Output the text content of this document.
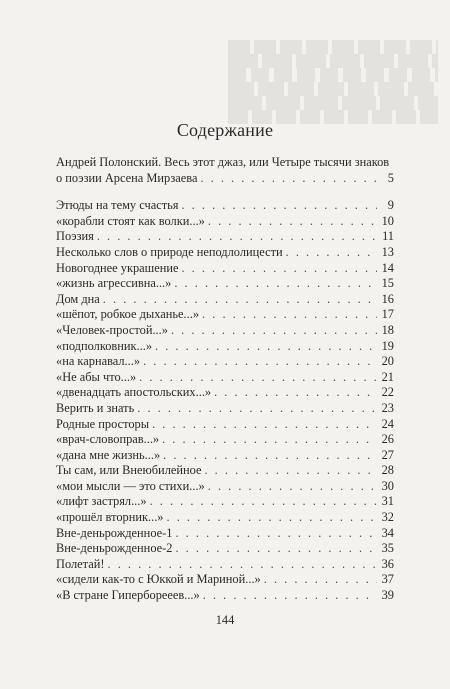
Содержание
Андрей Полонский. Весь этот джаз, или Четыре тысячи знаков
о поэзии Арсена Мирзаева . . .	5
Этюды на тему счастья . . .	9
«корабли стоят как волки...» . . .	10
Поэзия . . .	11
Несколько слов о природе неподлолицести . . .	13
Новогоднее украшение . . .	14
«жизнь агрессивна...» . . .	15
Дом дна . . .	16
«шёпот, робкое дыханье...» . . .	17
«Человек-простой...» . . .	18
«подполковник...» . . .	19
«на карнавал...» . . .	20
«Не абы что...» . . .	21
«двенадцать апостольских...» . . .	22
Верить и знать . . .	23
Родные просторы . . .	24
«врач-словоправ...» . . .	26
«дана мне жизнь...» . . .	27
Ты сам, или Внеюбилейное . . .	28
«мои мысли — это стихи...» . . .	30
«лифт застрял...» . . .	31
«прошёл вторник...» . . .	32
Вне-деньрожденное-1 . . .	34
Вне-деньрожденное-2 . . .	35
Полетай! . . .	36
«сидели как-то с Юккой и Мариной...» . . .	37
«В стране Гиперборееев...» . . .	39
144
